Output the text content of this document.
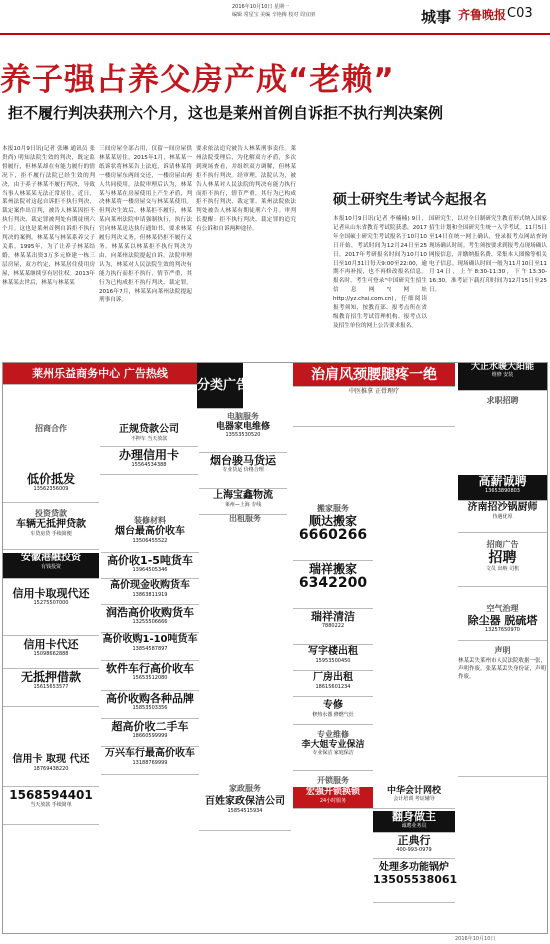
2016年10月10日 星期一
编辑 常星宝 美编 辛艳梅 校对 周宜朋	城事 齐鲁晚报 C03
养子强占养父房产成“老赖”
拒不履行判决获刑六个月，这也是莱州首例自诉拒不执行判决案例
本报10月9日讯(记者 张琳 通讯员 张贵尚) 明知法院生效的判决，既定监督履行，但林某却在有能力履行的情况下，拒不履行法院已经生效的判决，由于养子林某不履行判决，导致当事人林某某无法正常居住。近日，莱州法院对这起自诉拒不执行判决、裁定案作出宣判，被告人林某因拒不执行判决、裁定罪被判处有期徒刑六个月。这也是莱州首例自诉拒不执行判决的案例。林某某与林某系养父子关系，1995年，为了让养子林某结婚，林某某出资3万多元修建一栋三层房屋，双方约定，林某居住使用房屋，林某某继续享有居住权。2013年林某某去世后，林某与林某某
三间房屋全部占用，仅留一间房屋供林某某居住。2015年1月，林某某一纸诉状将林某告上法庭，诉请林某将一楼房屋东两间交还，一楼房屋由两人共同使用。法院审理后认为，林某某与林某在房屋使用上产生矛盾，判决林某将一楼房屋交与林某某使用。但判决生效后，林某拒不履行，林某某向莱州法院申请强制执行，执行法官向林某送达执行通知书，要求林某履行判决义务，但林某仍拒不履行义务。林某某以林某拒不执行判决为由，向莱州法院提起自诉。法院审理认为，林某对人民法院生效的判决有能力执行而拒不执行，情节严重，其行为已构成拒不执行判决、裁定罪。2016年7月，林某某向莱州法院提起刑事自诉。
要求依法追究被告人林某刑事责任。莱州法院受理后，为化解双方矛盾，多次到现场查看，并组织双方调解，但林某拒不执行判决。经审理，法院认为，被告人林某对人民法院的判决有能力执行而拒不执行，情节严重，其行为已构成拒不执行判决、裁定罪。莱州法院依法判处被告人林某有期徒刑六个月。审判长提醒：拒不执行判决、裁定罪的追究有公诉和自诉两种途径。
硕士研究生考试今起报名
本报10月9日讯(记者 李楠楠) 9日，记者从山东省教育考试院获悉，2017年全国硕士研究生考试报名于10月10日开始，考试时间为12月24日至25日。2017年考研报名时间为10月10日至10月31日每天9:00至22:00，逾期不再补报，也不再修改报名信息。报名时，考生可登录"中国研究生招生信息网"(网址http://yz.chsi.com.cn)，仔细阅读报考须知，按教育部、报考点所在省级教育招生考试管理机构、报考点以及招生单位的网上公告要求报名。
国研究生，以对全日制研究生教育形式纳入国家招生计划和全国研究生统一入学考试。11月5日至14日在统一网上确认，登录报考点网站查询现场确认时间。考生须按要求到报考点现场确认网报信息，并缴纳报名费、采集本人图像等相关电子信息。现场确认时间一般为11月10日至11月14日，上午8:30-11:30，下午13:30-16:30。准考证下载打印时间为12月15日至25日。
莱州乐益商务中心 广告热线
分类广告
招商合作	正规贷款公司
不押车 当天放款
办理信用卡
15564534388
低价抵发
13562356009
投资贷款
车辆无抵押贷款
车贷房贷 手续简便
安徽港融投资
有钱投资
信用卡取现代还
15275507000
信用卡代还
15098662888
无抵押借款
15615653577
信用卡 取现 代还
18769438220
1568594401
当天放款 手续简单
电脑服务
电器家电维修
13553530520
烟台骏马货运
专业货运 价格合理
上海宝鑫物流
莱州—上海 专线
装修材料
烟台最高价收车
13506455522
高价收1-5吨货车
13964505346
高价现金收购货车
13863811919
润浩高价收购货车
13255506666
高价收购1-10吨货车
13854587897
软件车行高价收车
15653512080
高价收购各种品牌
15853503356
超高价收二手车
18660599999
万兴车行最高价收车
13188769999
出租服务
家政服务
百姓家政保洁公司
15854515934
治肩风颈腰腿疼一绝
中医推拿 正骨理疗
搬家服务
顺达搬家
6660266
瑞祥搬家
6342200
瑞祥清洁
7880222
写字楼出租
15953500450
厂房出租
18615601234
专修
修热水器 修燃气灶
专业维修
李大姐专业保洁
专业保洁 家庭保洁
开锁服务
宏强开锁换锁
24小时服务
中华会计网校
会计培训 考证辅导
翻身做主
诚聘业务员
正典行
400-993-0979
处理多功能锅炉
13505538061
大正水暖大阳能
维修 安装
求职招聘
高薪诚聘
13653890803
济南招沙锅厨师
待遇优厚
招商广告
招聘
文员 出纳 司机
空气治理
除尘器 脱硫塔
13257650970
声明
林某丢失莱州市人民法院收据一张，声明作废。张某某丢失身份证，声明作废。
2016年10月10日
